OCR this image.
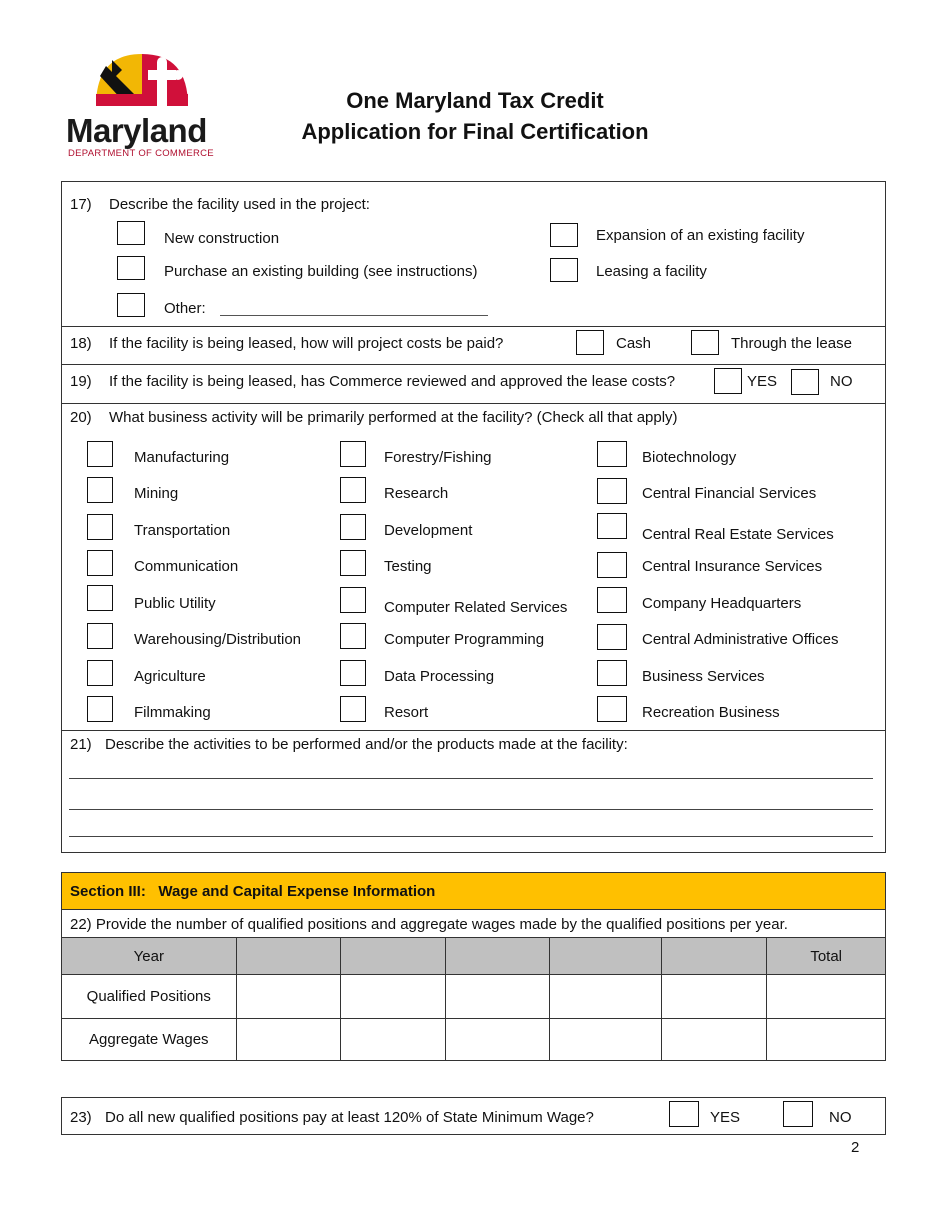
Maryland
DEPARTMENT OF COMMERCE
One Maryland Tax Credit
Application for Final Certification
17) Describe the facility used in the project:
New construction
Purchase an existing building (see instructions)
Other:
Expansion of an existing facility
Leasing a facility
18) If the facility is being leased, how will project costs be paid?	Cash	Through the lease
19) If the facility is being leased, has Commerce reviewed and approved the lease costs?	YES	NO
20) What business activity will be primarily performed at the facility? (Check all that apply)
Manufacturing
Mining
Transportation
Communication
Public Utility
Warehousing/Distribution
Agriculture
Filmmaking
Forestry/Fishing
Research
Development
Testing
Computer Related Services
Computer Programming
Data Processing
Resort
Biotechnology
Central Financial Services
Central Real Estate Services
Central Insurance Services
Company Headquarters
Central Administrative Offices
Business Services
Recreation Business
21) Describe the activities to be performed and/or the products made at the facility:
Section III:   Wage and Capital Expense Information
22) Provide the number of qualified positions and aggregate wages made by the qualified positions per year.
Year						Total
Qualified Positions						
Aggregate Wages						
23) Do all new qualified positions pay at least 120% of State Minimum Wage?	YES	NO
2
